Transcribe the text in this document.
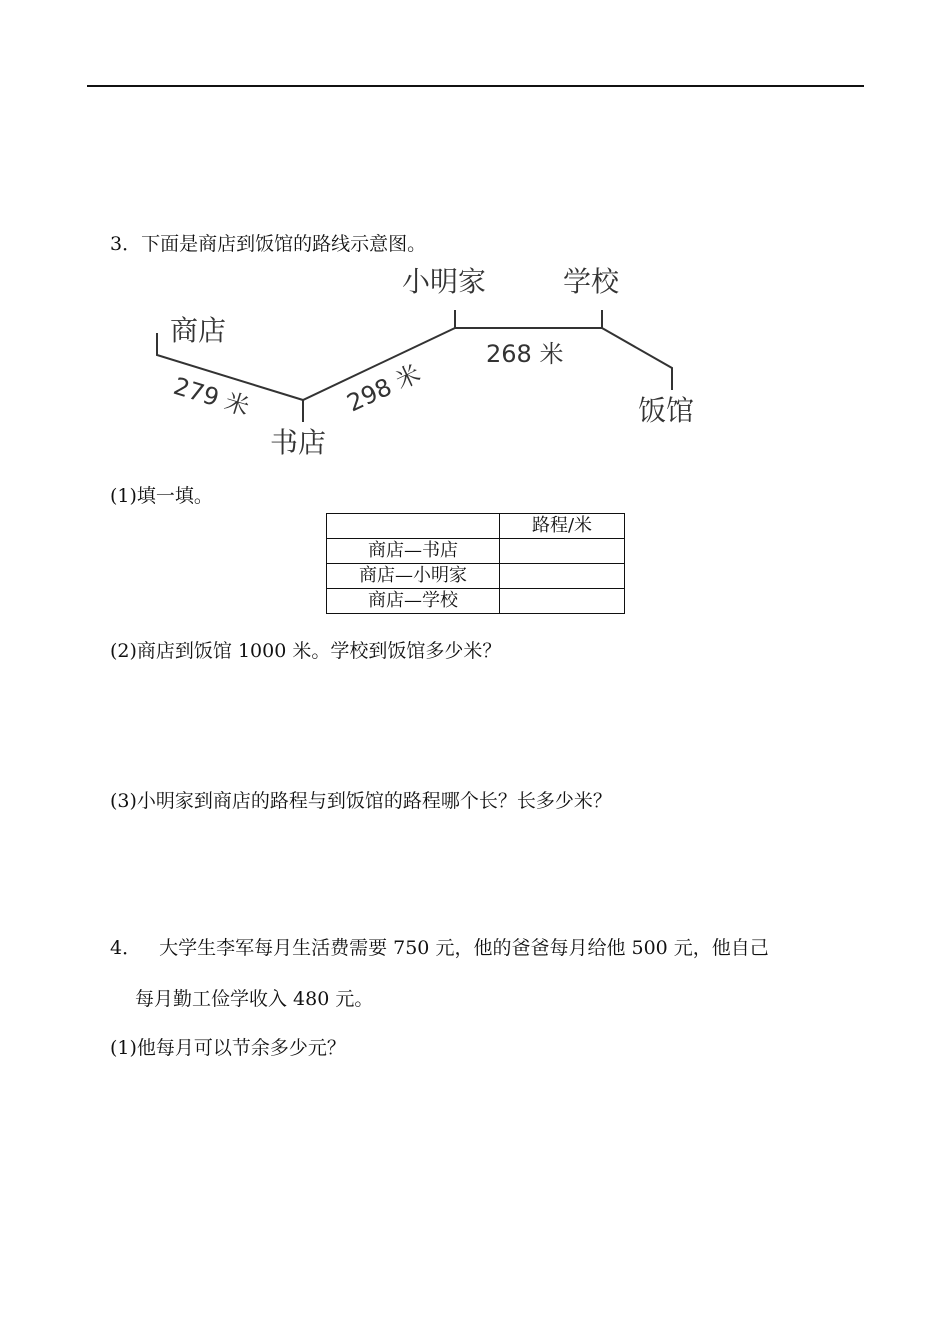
3．下面是商店到饭馆的路线示意图。
商店
书店
小明家	学校
饭馆
279 米	298 米
268 米
(1)填一填。
	路程/米
商店—书店	
商店—小明家	
商店—学校	
(2)商店到饭馆 1000 米。学校到饭馆多少米？
(3)小明家到商店的路程与到饭馆的路程哪个长？长多少米？
4． 大学生李军每月生活费需要 750 元，他的爸爸每月给他 500 元，他自己
每月勤工俭学收入 480 元。
(1)他每月可以节余多少元？
